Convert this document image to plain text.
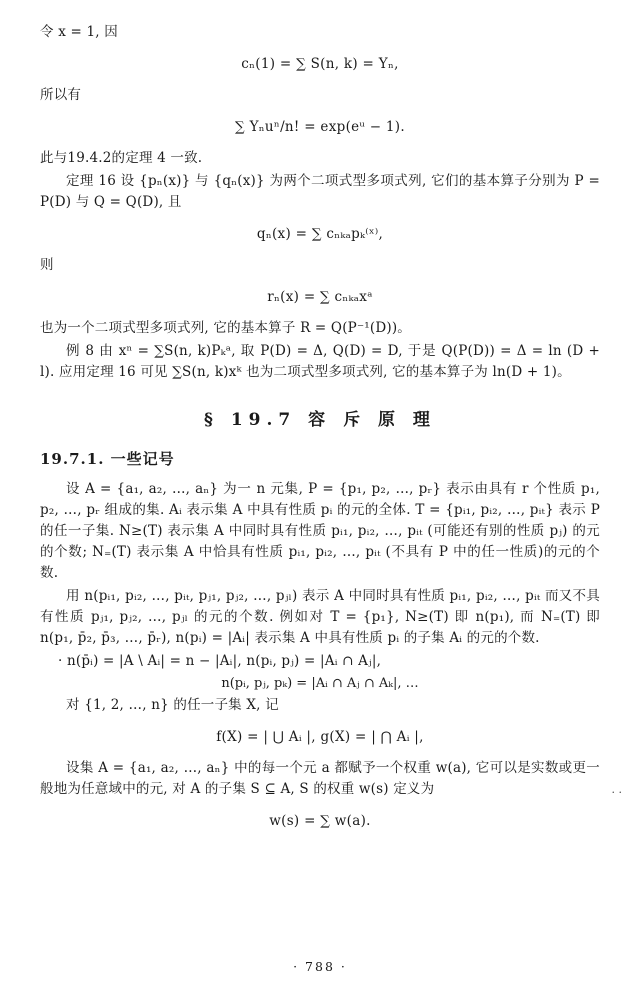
令 x = 1, 因

cₙ(1) = ∑ S(n, k) = Yₙ,

所以有

∑ Yₙuⁿ/n! = exp(eᵘ − 1).

此与19.4.2的定理 4 一致.

定理 16 设 {pₙ(x)} 与 {qₙ(x)} 为两个二项式型多项式列, 它们的基本算子分别为 P = P(D) 与 Q = Q(D), 且

qₙ(x) = ∑ cₙₖₐpₖ⁽ˣ⁾,

则

rₙ(x) = ∑ cₙₖₐxᵃ

也为一个二项式型多项式列, 它的基本算子 R = Q(P⁻¹(D))。

例 8 由 xⁿ = ∑S(n, k)Pₖᵃ, 取 P(D) = Δ, Q(D) = D, 于是 Q(P(D)) = Δ = ln (D + l). 应用定理 16 可见 ∑S(n, k)xᵏ 也为二项式型多项式列, 它的基本算子为 ln(D + 1)。

§ 19.7 容 斥 原 理
19.7.1. 一些记号

设 A = {a₁, a₂, …, aₙ} 为一 n 元集, P = {p₁, p₂, …, pᵣ} 表示由具有 r 个性质 p₁, p₂, …, pᵣ 组成的集. Aᵢ 表示集 A 中具有性质 pᵢ 的元的全体. T = {pᵢ₁, pᵢ₂, …, pᵢₜ} 表示 P 的任一子集. N≥(T) 表示集 A 中同时具有性质 pᵢ₁, pᵢ₂, …, pᵢₜ (可能还有别的性质 pⱼ) 的元的个数; N₌(T) 表示集 A 中恰具有性质 pᵢ₁, pᵢ₂, …, pᵢₜ (不具有 P 中的任一性质)的元的个数.

用 n(pᵢ₁, pᵢ₂, …, pᵢₜ, pⱼ₁, pⱼ₂, …, pⱼₗ) 表示 A 中同时具有性质 pᵢ₁, pᵢ₂, …, pᵢₜ 而又不具有性质 pⱼ₁, pⱼ₂, …, pⱼₗ 的元的个数. 例如对 T = {p₁}, N≥(T) 即 n(p₁), 而 N₌(T) 即 n(p₁, p̄₂, p̄₃, …, p̄ᵣ), n(pᵢ) = |Aᵢ| 表示集 A 中具有性质 pᵢ 的子集 Aᵢ 的元的个数.

· n(p̄ᵢ) = |A \ Aᵢ| = n − |Aᵢ|, n(pᵢ, pⱼ) = |Aᵢ ∩ Aⱼ|,

n(pᵢ, pⱼ, pₖ) = |Aᵢ ∩ Aⱼ ∩ Aₖ|, …

对 {1, 2, …, n} 的任一子集 X, 记

f(X) = | ⋃ Aᵢ |, g(X) = | ⋂ Aᵢ |,

设集 A = {a₁, a₂, …, aₙ} 中的每一个元 a 都赋予一个权重 w(a), 它可以是实数或更一般地为任意域中的元, 对 A 的子集 S ⊆ A, S 的权重 w(s) 定义为

w(s) = ∑ w(a).
· ·
· 788 ·
